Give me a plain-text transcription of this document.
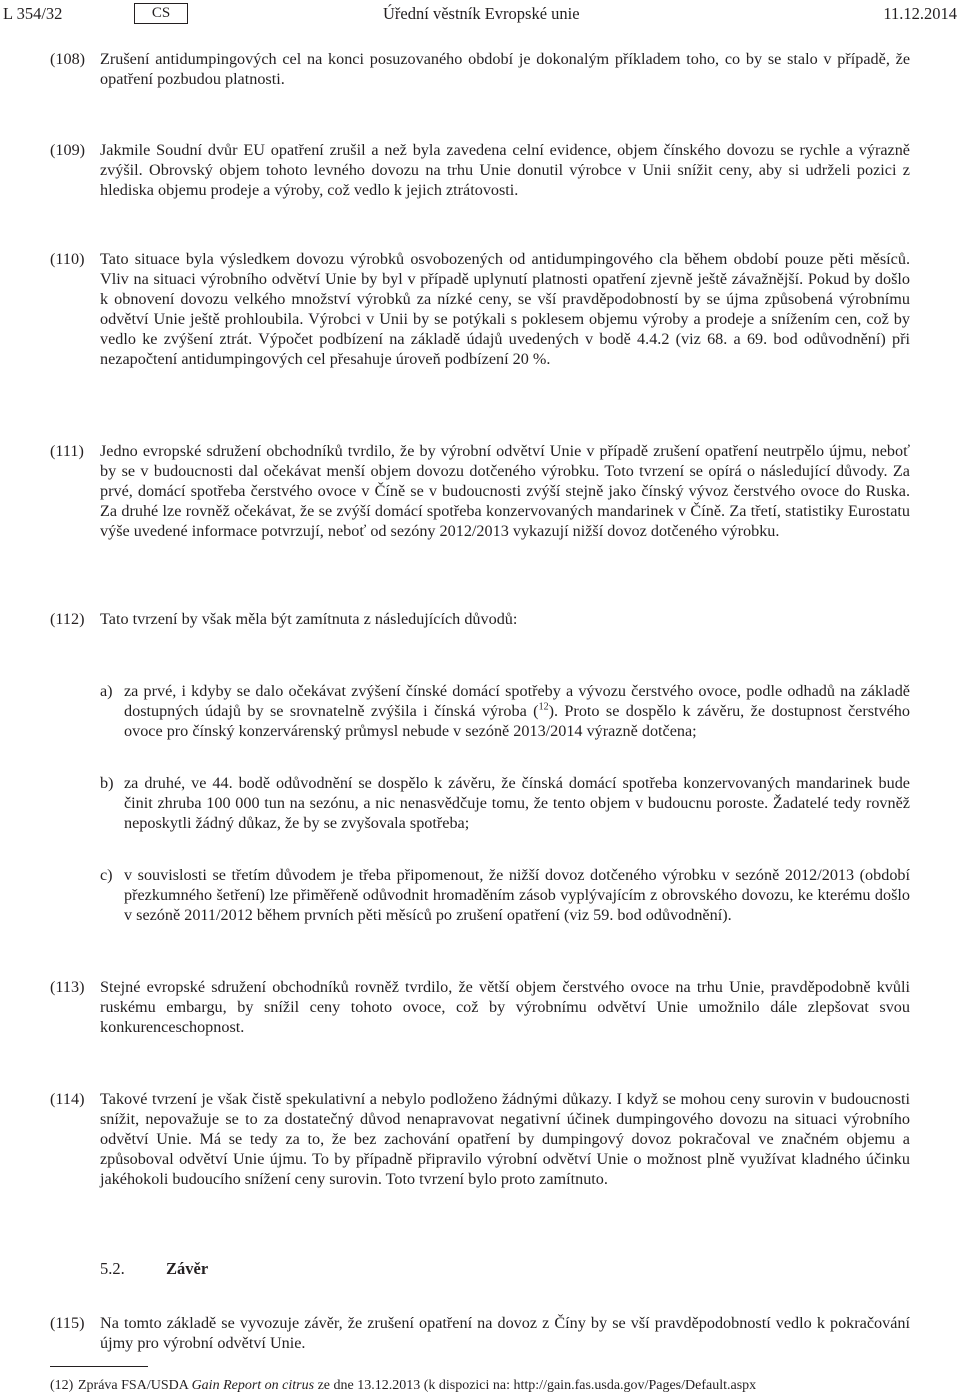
L 354/32	CS	Úřední věstník Evropské unie	11.12.2014
(108) Zrušení antidumpingových cel na konci posuzovaného období je dokonalým příkladem toho, co by se stalo v případě, že opatření pozbudou platnosti.
(109) Jakmile Soudní dvůr EU opatření zrušil a než byla zavedena celní evidence, objem čínského dovozu se rychle a výrazně zvýšil. Obrovský objem tohoto levného dovozu na trhu Unie donutil výrobce v Unii snížit ceny, aby si udrželi pozici z hlediska objemu prodeje a výroby, což vedlo k jejich ztrátovosti.
(110) Tato situace byla výsledkem dovozu výrobků osvobozených od antidumpingového cla během období pouze pěti měsíců. Vliv na situaci výrobního odvětví Unie by byl v případě uplynutí platnosti opatření zjevně ještě závažnější. Pokud by došlo k obnovení dovozu velkého množství výrobků za nízké ceny, se vší pravděpodobností by se újma způsobená výrobnímu odvětví Unie ještě prohloubila. Výrobci v Unii by se potýkali s poklesem objemu výroby a prodeje a snížením cen, což by vedlo ke zvýšení ztrát. Výpočet podbízení na základě údajů uvedených v bodě 4.4.2 (viz 68. a 69. bod odůvodnění) při nezapočtení antidumpingových cel přesahuje úroveň podbízení 20 %.
(111) Jedno evropské sdružení obchodníků tvrdilo, že by výrobní odvětví Unie v případě zrušení opatření neutrpělo újmu, neboť by se v budoucnosti dal očekávat menší objem dovozu dotčeného výrobku. Toto tvrzení se opírá o následující důvody. Za prvé, domácí spotřeba čerstvého ovoce v Číně se v budoucnosti zvýší stejně jako čínský vývoz čerstvého ovoce do Ruska. Za druhé lze rovněž očekávat, že se zvýší domácí spotřeba konzervovaných mandarinek v Číně. Za třetí, statistiky Eurostatu výše uvedené informace potvrzují, neboť od sezóny 2012/2013 vykazují nižší dovoz dotčeného výrobku.
(112) Tato tvrzení by však měla být zamítnuta z následujících důvodů:
a) za prvé, i kdyby se dalo očekávat zvýšení čínské domácí spotřeby a vývozu čerstvého ovoce, podle odhadů na základě dostupných údajů by se srovnatelně zvýšila i čínská výroba ($^{12}$). Proto se dospělo k závěru, že dostupnost čerstvého ovoce pro čínský konzervárenský průmysl nebude v sezóně 2013/2014 výrazně dotčena;
b) za druhé, ve 44. bodě odůvodnění se dospělo k závěru, že čínská domácí spotřeba konzervovaných mandarinek bude činit zhruba 100 000 tun na sezónu, a nic nenasvědčuje tomu, že tento objem v budoucnu poroste. Žadatelé tedy rovněž neposkytli žádný důkaz, že by se zvyšovala spotřeba;
c) v souvislosti se třetím důvodem je třeba připomenout, že nižší dovoz dotčeného výrobku v sezóně 2012/2013 (období přezkumného šetření) lze přiměřeně odůvodnit hromaděním zásob vyplývajícím z obrovského dovozu, ke kterému došlo v sezóně 2011/2012 během prvních pěti měsíců po zrušení opatření (viz 59. bod odůvodnění).
(113) Stejné evropské sdružení obchodníků rovněž tvrdilo, že větší objem čerstvého ovoce na trhu Unie, pravděpodobně kvůli ruskému embargu, by snížil ceny tohoto ovoce, což by výrobnímu odvětví Unie umožnilo dále zlepšovat svou konkurenceschopnost.
(114) Takové tvrzení je však čistě spekulativní a nebylo podloženo žádnými důkazy. I když se mohou ceny surovin v budoucnosti snížit, nepovažuje se to za dostatečný důvod nenapravovat negativní účinek dumpingového dovozu na situaci výrobního odvětví Unie. Má se tedy za to, že bez zachování opatření by dumpingový dovoz pokračoval ve značném objemu a způsoboval odvětví Unie újmu. To by případně připravilo výrobní odvětví Unie o možnost plně využívat kladného účinku jakéhokoli budoucího snížení ceny surovin. Toto tvrzení bylo proto zamítnuto.
5.2.	Závěr
(115) Na tomto základě se vyvozuje závěr, že zrušení opatření na dovoz z Číny by se vší pravděpodobností vedlo k pokračování újmy pro výrobní odvětví Unie.
(12) Zpráva FSA/USDA Gain Report on citrus ze dne 13.12.2013 (k dispozici na: http://gain.fas.usda.gov/Pages/Default.aspx
